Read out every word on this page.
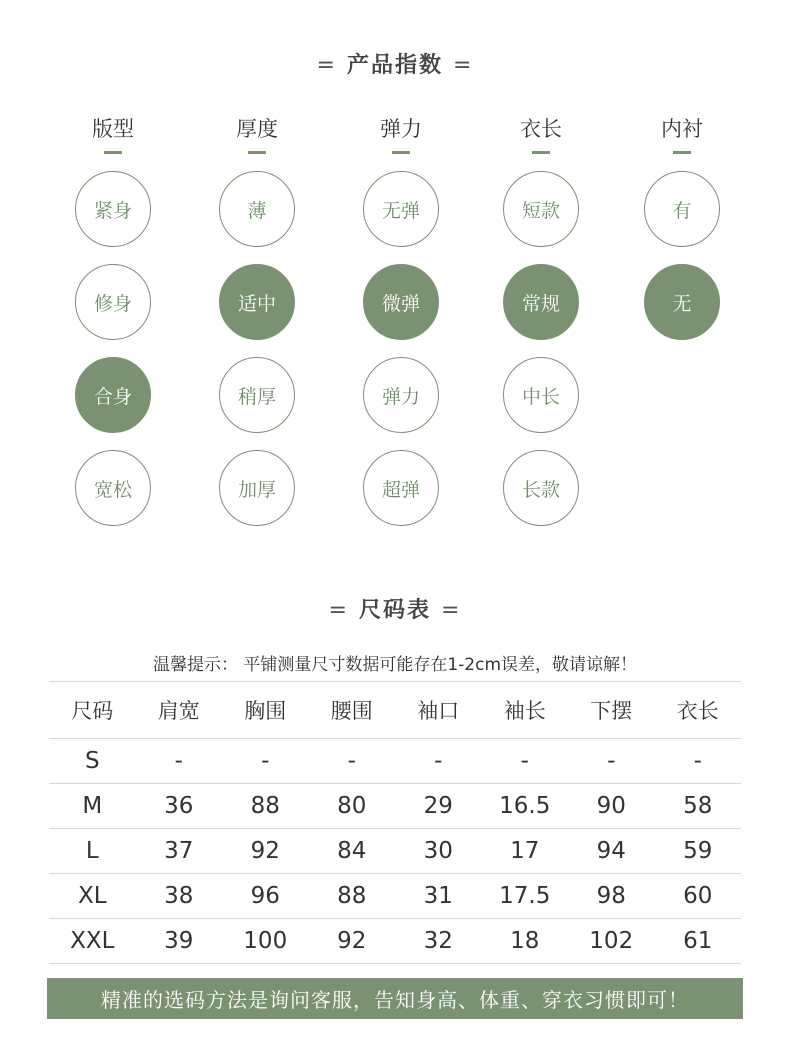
= 产品指数 =
版型
紧身
修身
合身
宽松
厚度
薄
适中
稍厚
加厚
弹力
无弹
微弹
弹力
超弹
衣长
短款
常规
中长
长款
内衬
有
无
= 尺码表 =
温馨提示： 平铺测量尺寸数据可能存在1-2cm误差，敬请谅解！
尺码	肩宽	胸围	腰围	袖口	袖长	下摆	衣长
S	-	-	-	-	-	-	-
M	36	88	80	29	16.5	90	58
L	37	92	84	30	17	94	59
XL	38	96	88	31	17.5	98	60
XXL	39	100	92	32	18	102	61
精准的选码方法是询问客服，告知身高、体重、穿衣习惯即可！
